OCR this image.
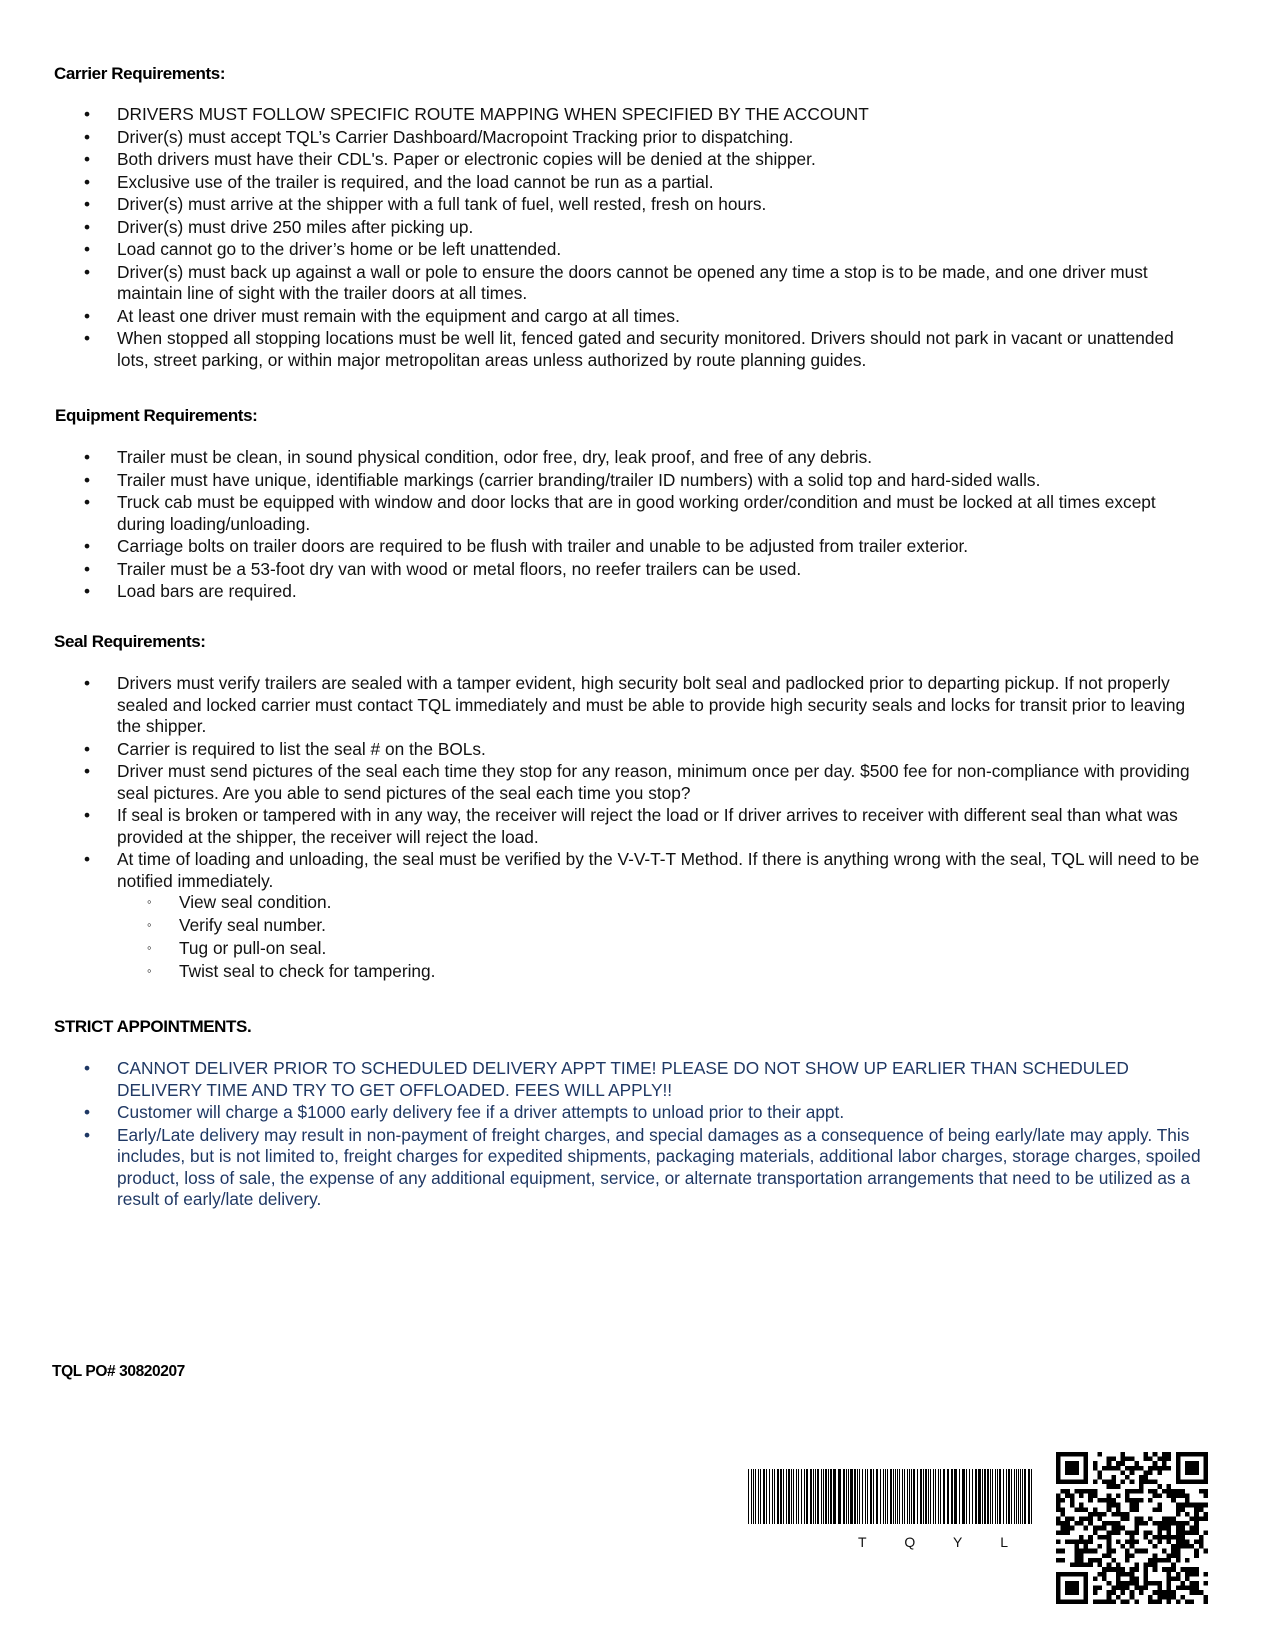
Carrier Requirements:
• DRIVERS MUST FOLLOW SPECIFIC ROUTE MAPPING WHEN SPECIFIED BY THE ACCOUNT
• Driver(s) must accept TQL’s Carrier Dashboard/Macropoint Tracking prior to dispatching.
• Both drivers must have their CDL's. Paper or electronic copies will be denied at the shipper.
• Exclusive use of the trailer is required, and the load cannot be run as a partial.
• Driver(s) must arrive at the shipper with a full tank of fuel, well rested, fresh on hours.
• Driver(s) must drive 250 miles after picking up.
• Load cannot go to the driver’s home or be left unattended.
• Driver(s) must back up against a wall or pole to ensure the doors cannot be opened any time a stop is to be made, and one driver must maintain line of sight with the trailer doors at all times.
• At least one driver must remain with the equipment and cargo at all times.
• When stopped all stopping locations must be well lit, fenced gated and security monitored. Drivers should not park in vacant or unattended lots, street parking, or within major metropolitan areas unless authorized by route planning guides.
Equipment Requirements:
• Trailer must be clean, in sound physical condition, odor free, dry, leak proof, and free of any debris.
• Trailer must have unique, identifiable markings (carrier branding/trailer ID numbers) with a solid top and hard-sided walls.
• Truck cab must be equipped with window and door locks that are in good working order/condition and must be locked at all times except during loading/unloading.
• Carriage bolts on trailer doors are required to be flush with trailer and unable to be adjusted from trailer exterior.
• Trailer must be a 53-foot dry van with wood or metal floors, no reefer trailers can be used.
• Load bars are required.
Seal Requirements:
• Drivers must verify trailers are sealed with a tamper evident, high security bolt seal and padlocked prior to departing pickup. If not properly sealed and locked carrier must contact TQL immediately and must be able to provide high security seals and locks for transit prior to leaving the shipper.
• Carrier is required to list the seal # on the BOLs.
• Driver must send pictures of the seal each time they stop for any reason, minimum once per day. $500 fee for non-compliance with providing seal pictures. Are you able to send pictures of the seal each time you stop?
• If seal is broken or tampered with in any way, the receiver will reject the load or If driver arrives to receiver with different seal than what was provided at the shipper, the receiver will reject the load.
• At time of loading and unloading, the seal must be verified by the V-V-T-T Method. If there is anything wrong with the seal, TQL will need to be notified immediately.
◦ View seal condition.
◦ Verify seal number.
◦ Tug or pull-on seal.
◦ Twist seal to check for tampering.
STRICT APPOINTMENTS.
• CANNOT DELIVER PRIOR TO SCHEDULED DELIVERY APPT TIME! PLEASE DO NOT SHOW UP EARLIER THAN SCHEDULED DELIVERY TIME AND TRY TO GET OFFLOADED. FEES WILL APPLY!!
• Customer will charge a $1000 early delivery fee if a driver attempts to unload prior to their appt.
• Early/Late delivery may result in non-payment of freight charges, and special damages as a consequence of being early/late may apply. This includes, but is not limited to, freight charges for expedited shipments, packaging materials, additional labor charges, storage charges, spoiled product, loss of sale, the expense of any additional equipment, service, or alternate transportation arrangements that need to be utilized as a result of early/late delivery.
TQL PO# 30820207
T	Q	Y	L
